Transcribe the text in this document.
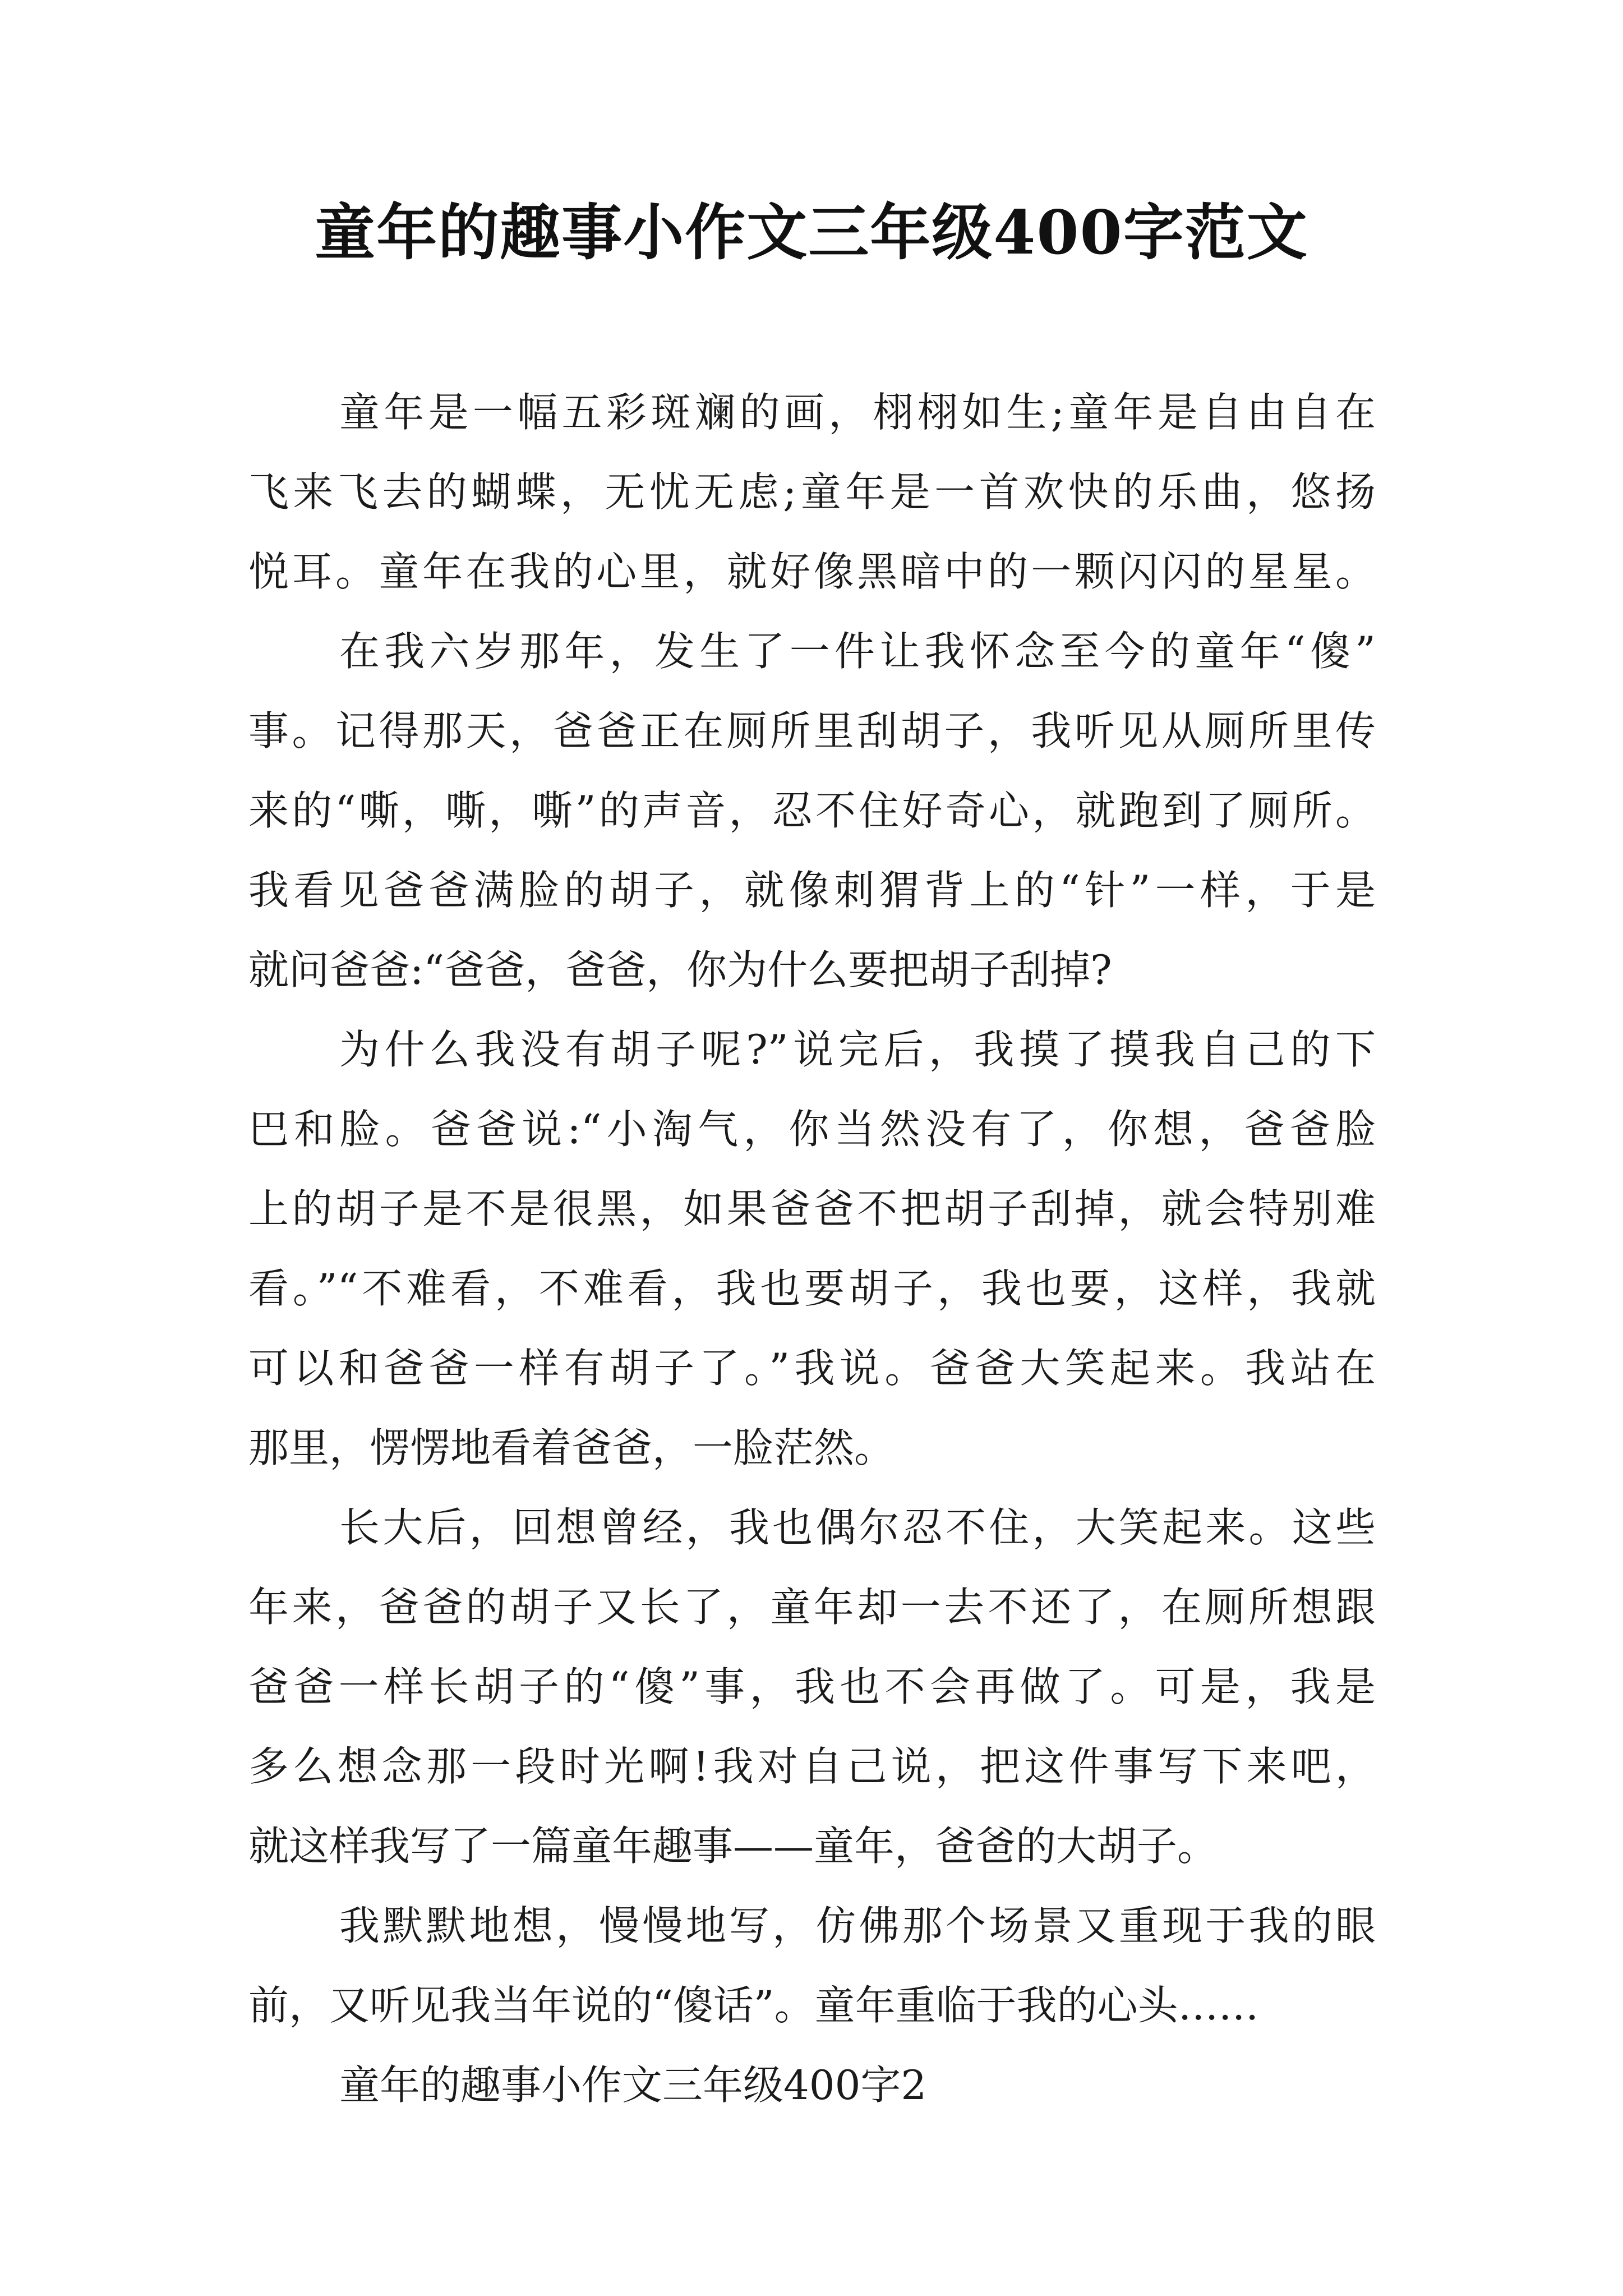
童年的趣事小作文三年级400字范文
童年是一幅五彩斑斓的画，栩栩如生;童年是自由自在
飞来飞去的蝴蝶，无忧无虑;童年是一首欢快的乐曲，悠扬
悦耳。童年在我的心里，就好像黑暗中的一颗闪闪的星星。
在我六岁那年，发生了一件让我怀念至今的童年“傻”
事。记得那天，爸爸正在厕所里刮胡子，我听见从厕所里传
来的“嘶，嘶，嘶”的声音，忍不住好奇心，就跑到了厕所。
我看见爸爸满脸的胡子，就像刺猬背上的“针”一样，于是
就问爸爸:“爸爸，爸爸，你为什么要把胡子刮掉?
为什么我没有胡子呢?”说完后，我摸了摸我自己的下
巴和脸。爸爸说:“小淘气，你当然没有了，你想，爸爸脸
上的胡子是不是很黑，如果爸爸不把胡子刮掉，就会特别难
看。”“不难看，不难看，我也要胡子，我也要，这样，我就
可以和爸爸一样有胡子了。”我说。爸爸大笑起来。我站在
那里，愣愣地看着爸爸，一脸茫然。
长大后，回想曾经，我也偶尔忍不住，大笑起来。这些
年来，爸爸的胡子又长了，童年却一去不还了，在厕所想跟
爸爸一样长胡子的“傻”事，我也不会再做了。可是，我是
多么想念那一段时光啊!我对自己说，把这件事写下来吧，
就这样我写了一篇童年趣事——童年，爸爸的大胡子。
我默默地想，慢慢地写，仿佛那个场景又重现于我的眼
前，又听见我当年说的“傻话”。童年重临于我的心头……
童年的趣事小作文三年级400字2
